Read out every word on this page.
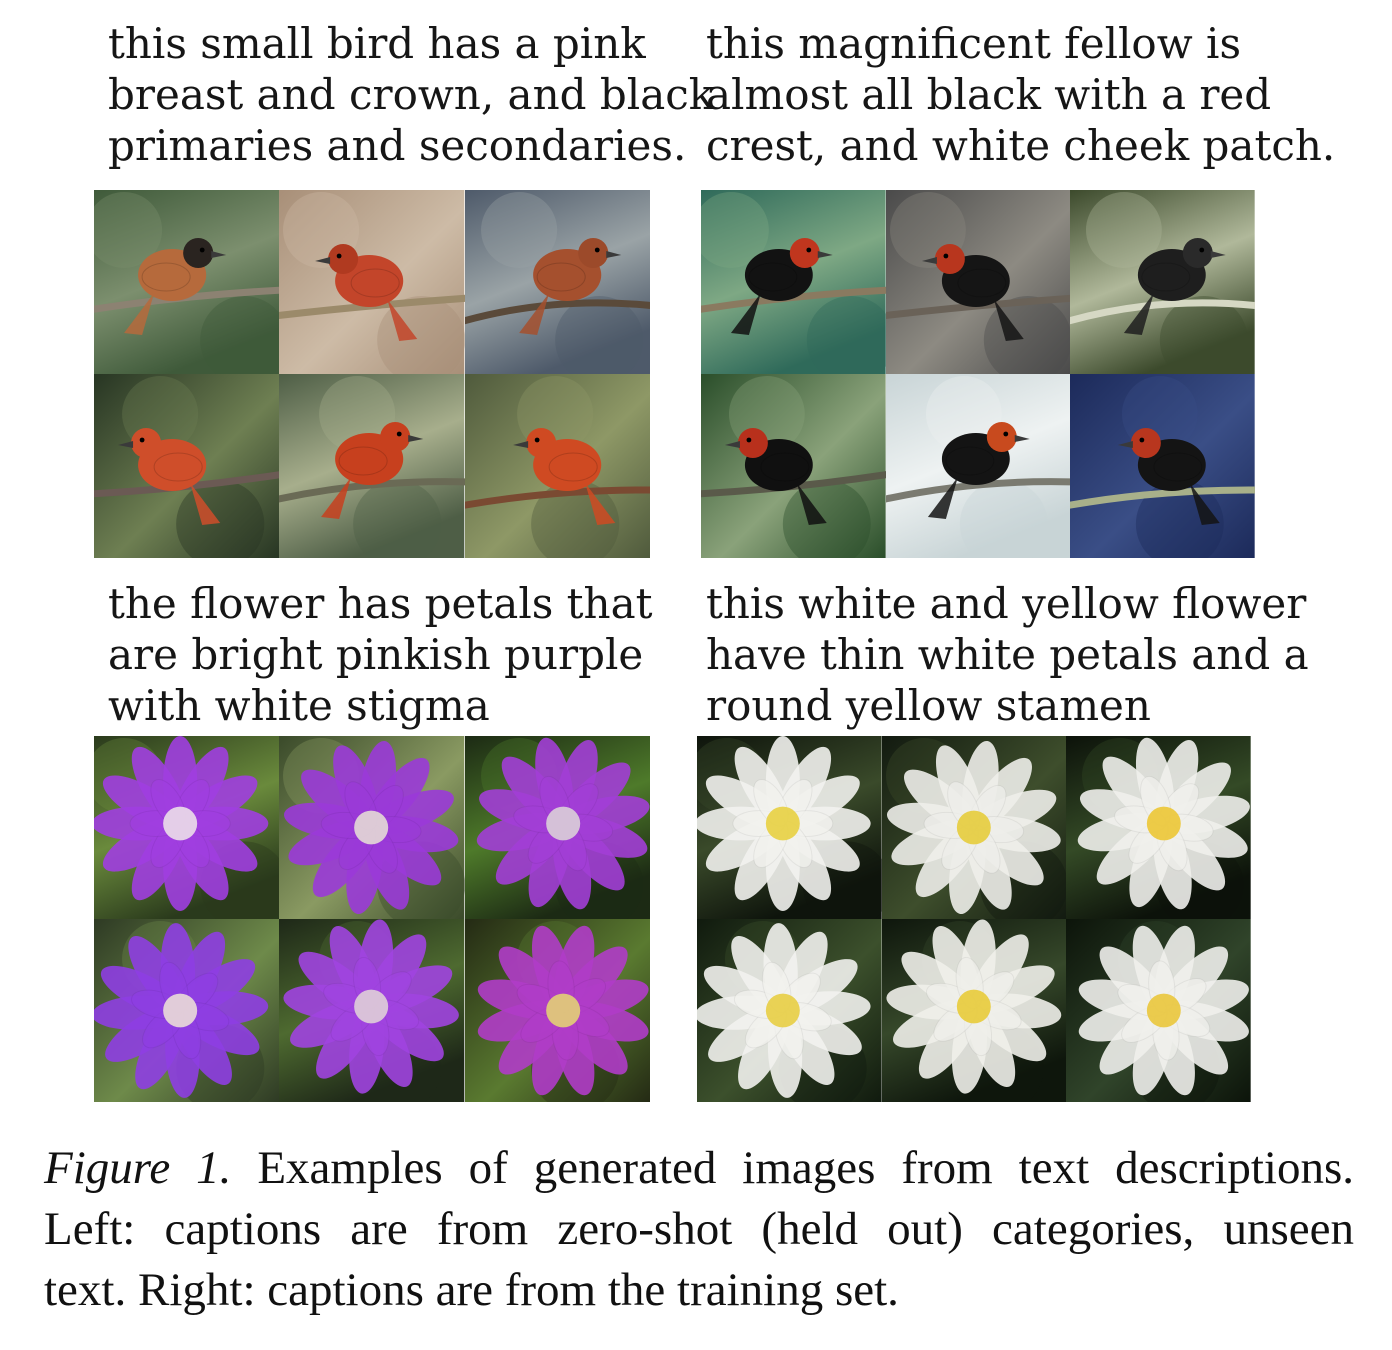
this small bird has a pink
breast and crown, and black
primaries and secondaries.
this magnificent fellow is
almost all black with a red
crest, and white cheek patch.
the flower has petals that
are bright pinkish purple
with white stigma
this white and yellow flower
have thin white petals and a
round yellow stamen
Figure 1. Examples of generated images from text descriptions.
Left: captions are from zero-shot (held out) categories, unseen
text. Right: captions are from the training set.
